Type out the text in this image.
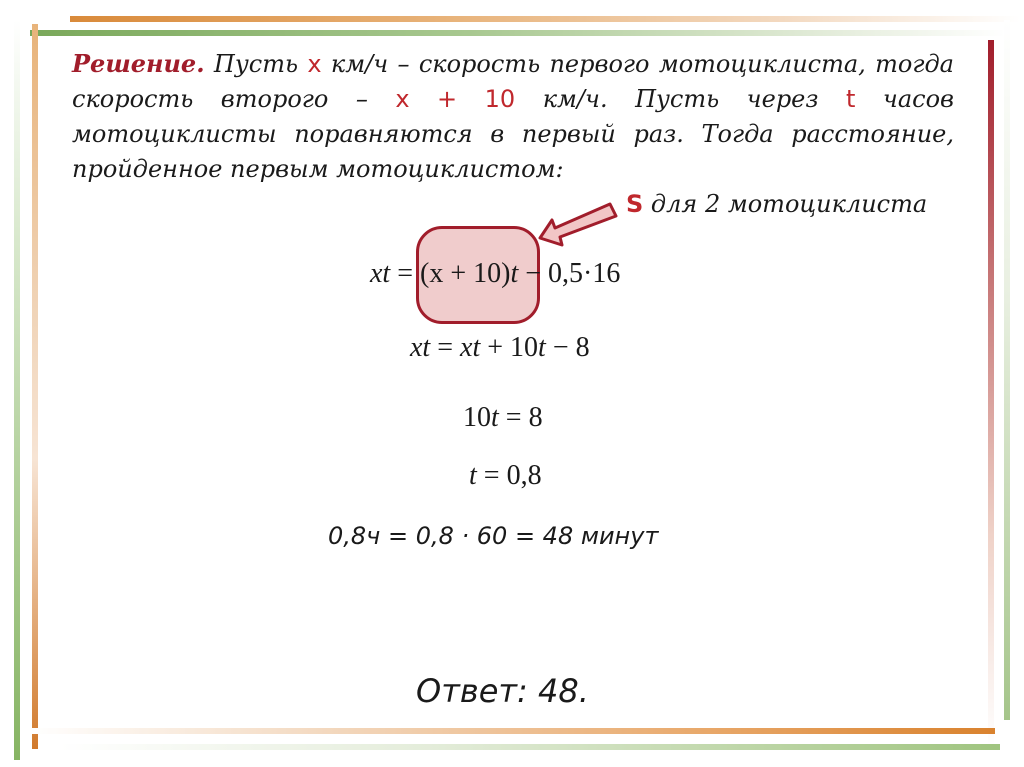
Решение. Пусть x км/ч – скорость первого мотоциклиста, тогда скорость второго – x + 10 км/ч. Пусть через t часов мотоциклисты поравняются в первый раз. Тогда расстояние, пройденное первым мотоциклистом:
S для 2 мотоциклиста
xt = (x + 10)t − 0,5·16
xt = xt + 10t − 8
10t = 8
t = 0,8
0,8ч = 0,8 · 60 = 48 минут
Ответ: 48.
